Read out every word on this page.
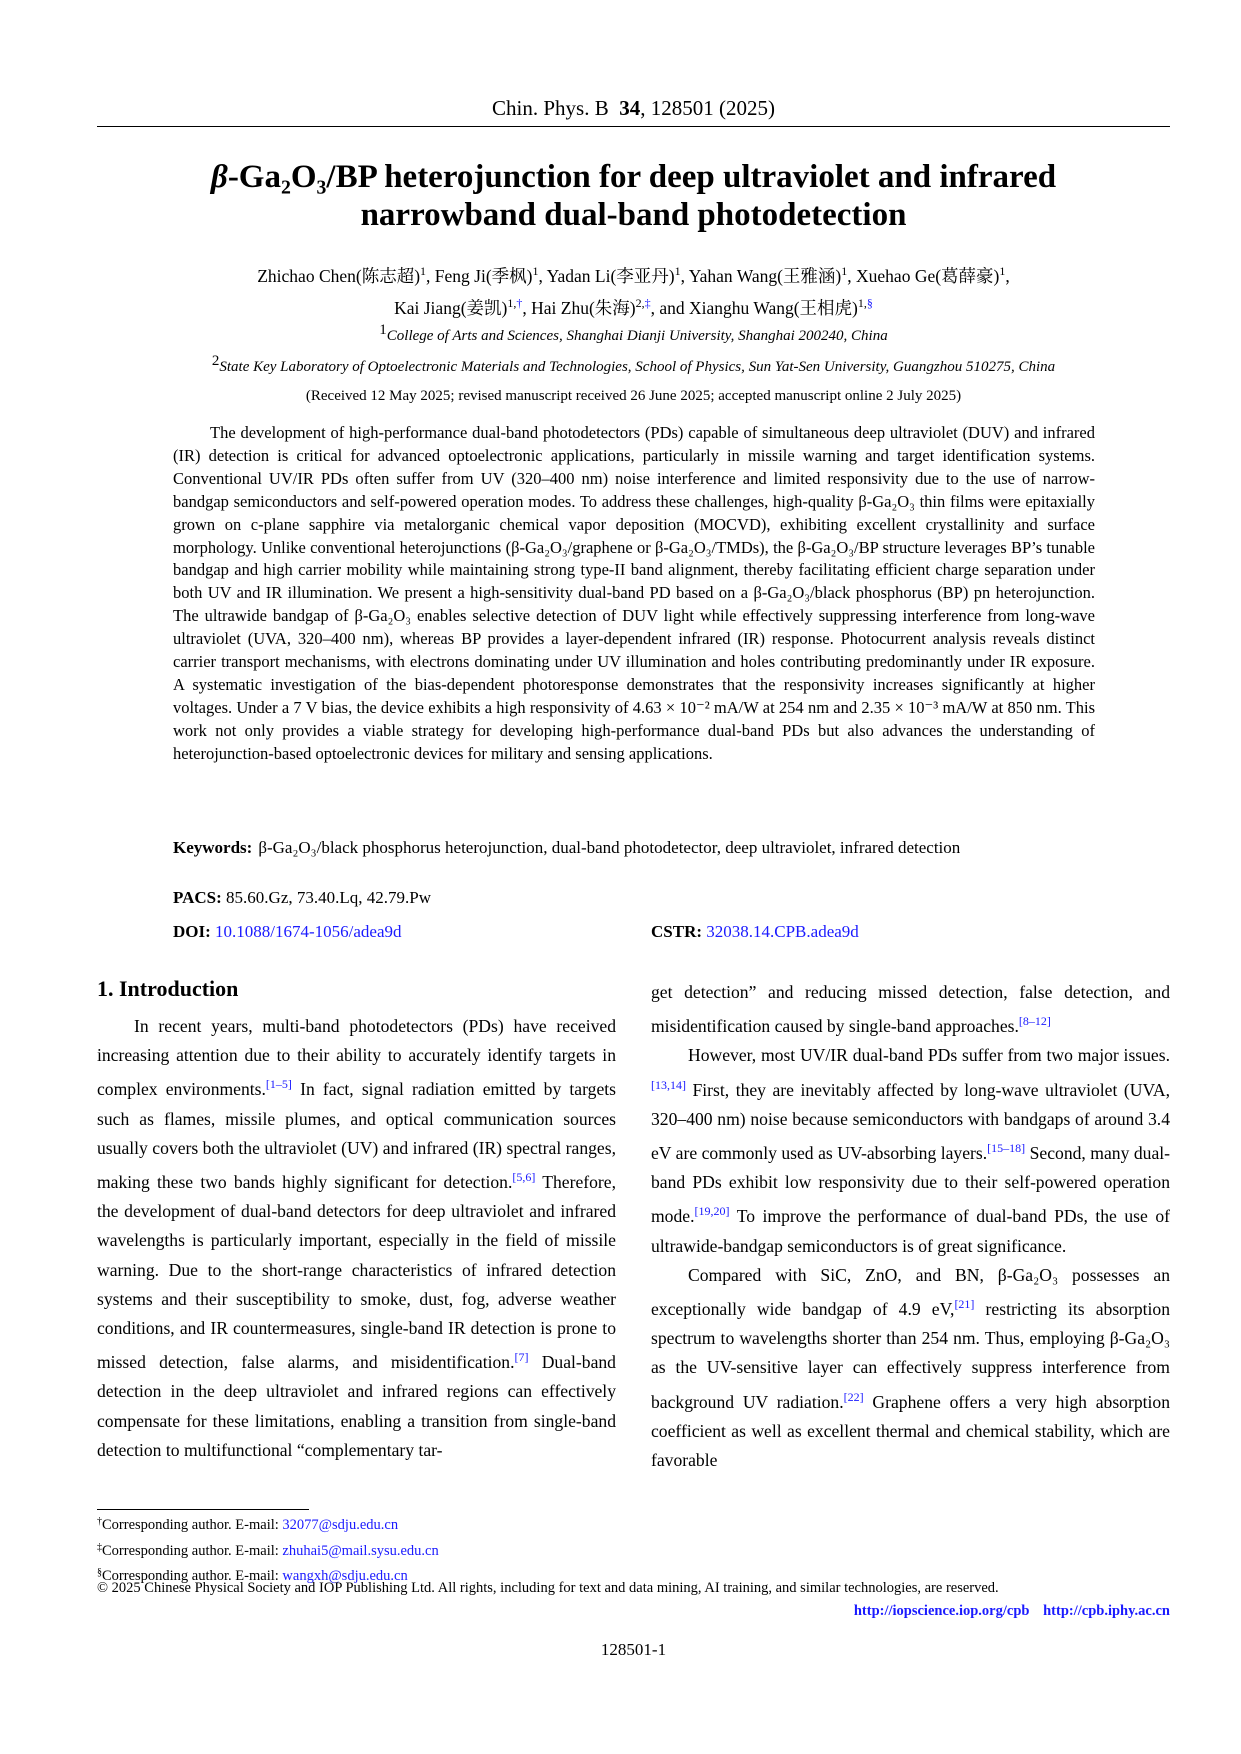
Chin. Phys. B 34, 128501 (2025)
β-Ga₂O₃/BP heterojunction for deep ultraviolet and infrared
narrowband dual-band photodetection
Zhichao Chen(陈志超)$^1$, Feng Ji(季枫)$^1$, Yadan Li(李亚丹)$^1$, Yahan Wang(王雅涵)$^1$, Xuehao Ge(葛薛豪)$^1$,
Kai Jiang(姜凯)$^{1,\dagger}$, Hai Zhu(朱海)$^{2,\ddagger}$, and Xianghu Wang(王相虎)$^{1,\S}$
$^1$College of Arts and Sciences, Shanghai Dianji University, Shanghai 200240, China
$^2$State Key Laboratory of Optoelectronic Materials and Technologies, School of Physics, Sun Yat-Sen University, Guangzhou 510275, China
(Received 12 May 2025; revised manuscript received 26 June 2025; accepted manuscript online 2 July 2025)
The development of high-performance dual-band photodetectors (PDs) capable of simultaneous deep ultraviolet (DUV) and infrared (IR) detection is critical for advanced optoelectronic applications, particularly in missile warning and target identification systems. Conventional UV/IR PDs often suffer from UV (320–400 nm) noise interference and limited responsivity due to the use of narrow-bandgap semiconductors and self-powered operation modes. To address these challenges, high-quality β-Ga₂O₃ thin films were epitaxially grown on c-plane sapphire via metalorganic chemical vapor deposition (MOCVD), exhibiting excellent crystallinity and surface morphology. Unlike conventional heterojunctions (β-Ga₂O₃/graphene or β-Ga₂O₃/TMDs), the β-Ga₂O₃/BP structure leverages BP’s tunable bandgap and high carrier mobility while maintaining strong type-II band alignment, thereby facilitating efficient charge separation under both UV and IR illumination. We present a high-sensitivity dual-band PD based on a β-Ga₂O₃/black phosphorus (BP) pn heterojunction. The ultrawide bandgap of β-Ga₂O₃ enables selective detection of DUV light while effectively suppressing interference from long-wave ultraviolet (UVA, 320–400 nm), whereas BP provides a layer-dependent infrared (IR) response. Photocurrent analysis reveals distinct carrier transport mechanisms, with electrons dominating under UV illumination and holes contributing predominantly under IR exposure. A systematic investigation of the bias-dependent photoresponse demonstrates that the responsivity increases significantly at higher voltages. Under a 7 V bias, the device exhibits a high responsivity of 4.63 × 10⁻² mA/W at 254 nm and 2.35 × 10⁻³ mA/W at 850 nm. This work not only provides a viable strategy for developing high-performance dual-band PDs but also advances the understanding of heterojunction-based optoelectronic devices for military and sensing applications.
Keywords: β-Ga₂O₃/black phosphorus heterojunction, dual-band photodetector, deep ultraviolet, infrared detection
PACS: 85.60.Gz, 73.40.Lq, 42.79.Pw
DOI: 10.1088/1674-1056/adea9d	CSTR: 32038.14.CPB.adea9d
1. Introduction

In recent years, multi-band photodetectors (PDs) have received increasing attention due to their ability to accurately identify targets in complex environments.[1–5] In fact, signal radiation emitted by targets such as flames, missile plumes, and optical communication sources usually covers both the ultraviolet (UV) and infrared (IR) spectral ranges, making these two bands highly significant for detection.[5,6] Therefore, the development of dual-band detectors for deep ultraviolet and infrared wavelengths is particularly important, especially in the field of missile warning. Due to the short-range characteristics of infrared detection systems and their susceptibility to smoke, dust, fog, adverse weather conditions, and IR countermeasures, single-band IR detection is prone to missed detection, false alarms, and misidentification.[7] Dual-band detection in the deep ultraviolet and infrared regions can effectively compensate for these limitations, enabling a transition from single-band detection to multifunctional “complementary tar-

get detection” and reducing missed detection, false detection, and misidentification caused by single-band approaches.[8–12]

However, most UV/IR dual-band PDs suffer from two major issues.[13,14] First, they are inevitably affected by long-wave ultraviolet (UVA, 320–400 nm) noise because semiconductors with bandgaps of around 3.4 eV are commonly used as UV-absorbing layers.[15–18] Second, many dual-band PDs exhibit low responsivity due to their self-powered operation mode.[19,20] To improve the performance of dual-band PDs, the use of ultrawide-bandgap semiconductors is of great significance.

Compared with SiC, ZnO, and BN, β-Ga₂O₃ possesses an exceptionally wide bandgap of 4.9 eV,[21] restricting its absorption spectrum to wavelengths shorter than 254 nm. Thus, employing β-Ga₂O₃ as the UV-sensitive layer can effectively suppress interference from background UV radiation.[22] Graphene offers a very high absorption coefficient as well as excellent thermal and chemical stability, which are favorable

†Corresponding author. E-mail: 32077@sdju.edu.cn
‡Corresponding author. E-mail: zhuhai5@mail.sysu.edu.cn
§Corresponding author. E-mail: wangxh@sdju.edu.cn
© 2025 Chinese Physical Society and IOP Publishing Ltd. All rights, including for text and data mining, AI training, and similar technologies, are reserved.
http://iopscience.iop.org/cpb http://cpb.iphy.ac.cn
128501-1
